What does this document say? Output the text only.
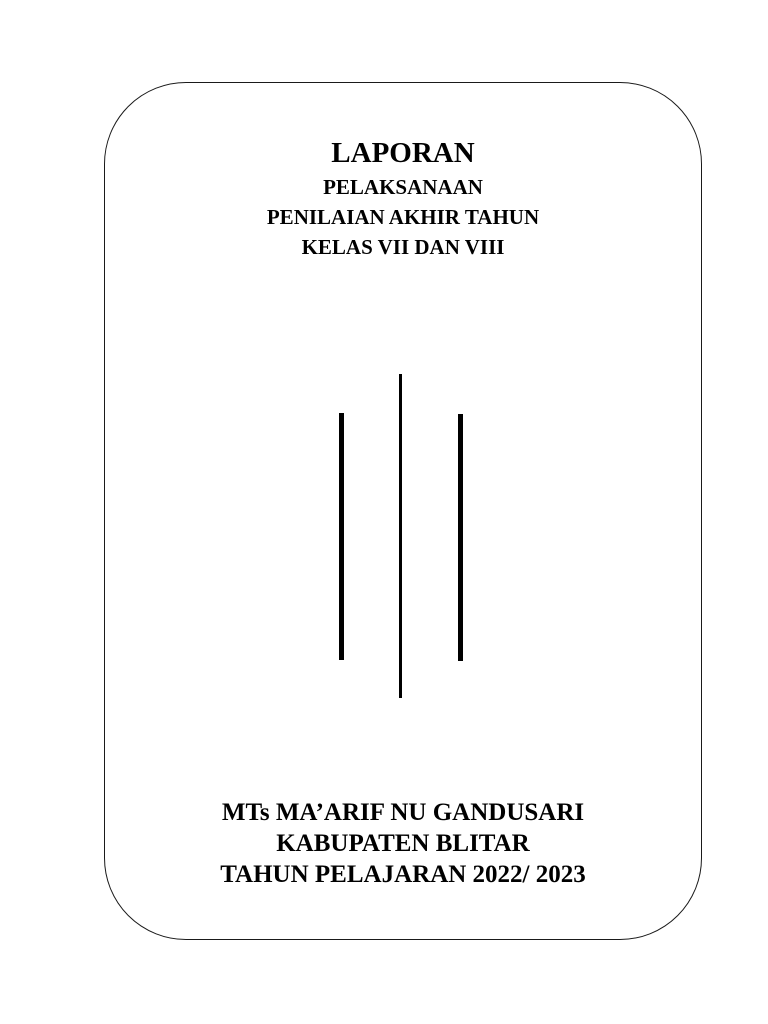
LAPORAN

PELAKSANAAN

PENILAIAN AKHIR TAHUN

KELAS VII DAN VIII

MTs MA’ARIF NU GANDUSARI

KABUPATEN BLITAR

TAHUN PELAJARAN 2022/ 2023
